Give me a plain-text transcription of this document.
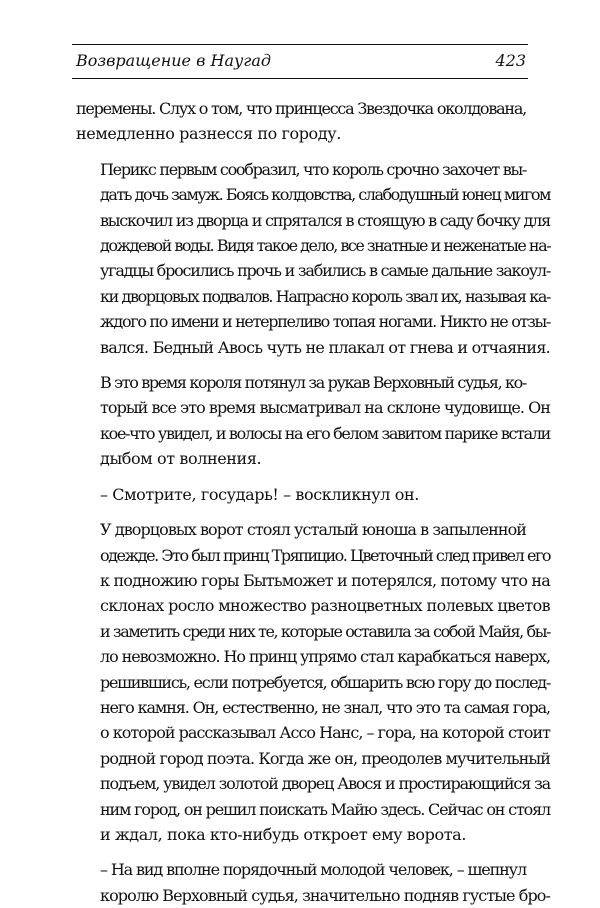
Возвращение в Наугад	423

перемены. Слух о том, что принцесса Звездочка околдована,
немедленно разнесся по городу.

Перикс первым сообразил, что король срочно захочет вы-
дать дочь замуж. Боясь колдовства, слабодушный юнец мигом
выскочил из дворца и спрятался в стоящую в саду бочку для
дождевой воды. Видя такое дело, все знатные и неженатые на-
угадцы бросились прочь и забились в самые дальние закоул-
ки дворцовых подвалов. Напрасно король звал их, называя ка-
ждого по имени и нетерпеливо топая ногами. Никто не отзы-
вался. Бедный Авось чуть не плакал от гнева и отчаяния.

В это время короля потянул за рукав Верховный судья, ко-
торый все это время высматривал на склоне чудовище. Он
кое-что увидел, и волосы на его белом завитом парике встали
дыбом от волнения.

– Смотрите, государь! – воскликнул он.

У дворцовых ворот стоял усталый юноша в запыленной
одежде. Это был принц Тряпицио. Цветочный след привел его
к подножию горы Бытьможет и потерялся, потому что на
склонах росло множество разноцветных полевых цветов
и заметить среди них те, которые оставила за собой Майя, бы-
ло невозможно. Но принц упрямо стал карабкаться наверх,
решившись, если потребуется, обшарить всю гору до послед-
него камня. Он, естественно, не знал, что это та самая гора,
о которой рассказывал Ассо Нанс, – гора, на которой стоит
родной город поэта. Когда же он, преодолев мучительный
подъем, увидел золотой дворец Авося и простирающийся за
ним город, он решил поискать Майю здесь. Сейчас он стоял
и ждал, пока кто-нибудь откроет ему ворота.

– На вид вполне порядочный молодой человек, – шепнул
королю Верховный судья, значительно подняв густые бро-
